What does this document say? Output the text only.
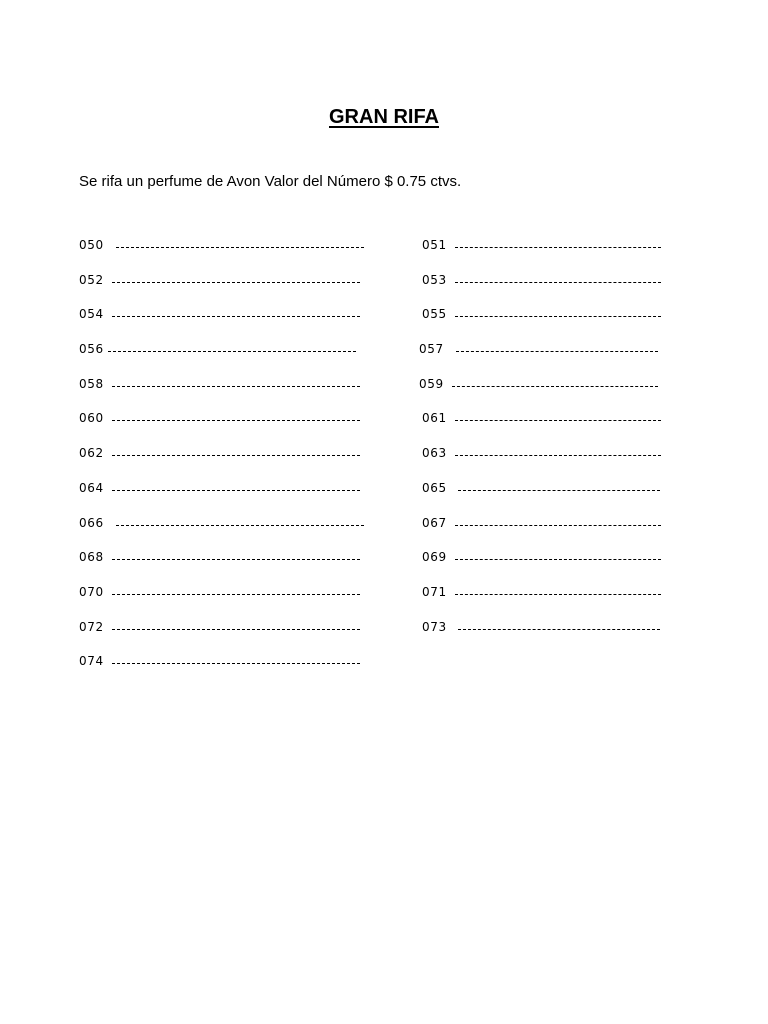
GRAN RIFA
Se rifa un perfume de Avon Valor del Número $ 0.75 ctvs.
050
052
054
056
058
060
062
064
066
068
070
072
074
051
053
055
057
059
061
063
065
067
069
071
073
